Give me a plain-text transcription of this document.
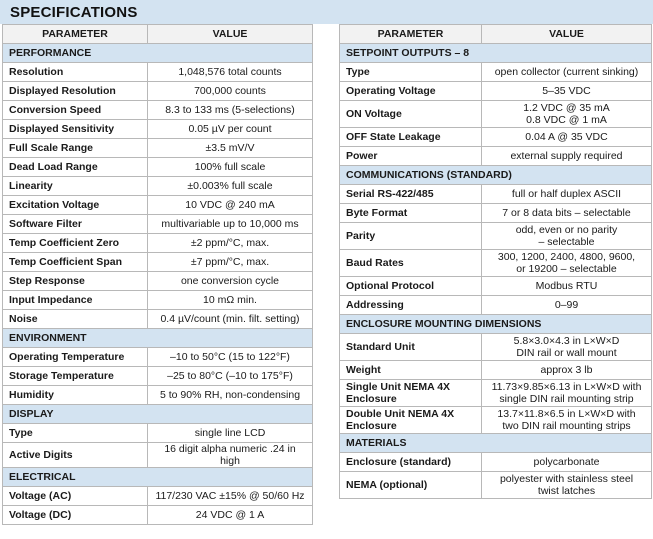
SPECIFICATIONS
PARAMETER	VALUE
PERFORMANCE	
Resolution	1,048,576 total counts
Displayed Resolution	700,000 counts
Conversion Speed	8.3 to 133 ms (5-selections)
Displayed Sensitivity	0.05 µV per count
Full Scale Range	±3.5 mV/V
Dead Load Range	100% full scale
Linearity	±0.003% full scale
Excitation Voltage	10 VDC @ 240 mA
Software Filter	multivariable up to 10,000 ms
Temp Coefficient Zero	±2 ppm/°C, max.
Temp Coefficient Span	±7 ppm/°C, max.
Step Response	one conversion cycle
Input Impedance	10 mΩ min.
Noise	0.4 µV/count (min. filt. setting)
ENVIRONMENT	
Operating Temperature	–10 to 50°C (15 to 122°F)
Storage Temperature	–25 to 80°C (–10 to 175°F)
Humidity	5 to 90% RH, non-condensing
DISPLAY	
Type	single line LCD
Active Digits	16 digit alpha numeric .24 in high
ELECTRICAL	
Voltage (AC)	117/230 VAC ±15% @ 50/60 Hz
Voltage (DC)	24 VDC @ 1 A
PARAMETER	VALUE
SETPOINT OUTPUTS – 8	
Type	open collector (current sinking)
Operating Voltage	5–35 VDC
ON Voltage	1.2 VDC @ 35 mA
0.8 VDC @ 1 mA
OFF State Leakage	0.04 A @ 35 VDC
Power	external supply required
COMMUNICATIONS (STANDARD)	
Serial RS-422/485	full or half duplex ASCII
Byte Format	7 or 8 data bits – selectable
Parity	odd, even or no parity
– selectable
Baud Rates	300, 1200, 2400, 4800, 9600,
or 19200 – selectable
Optional Protocol	Modbus RTU
Addressing	0–99
ENCLOSURE MOUNTING DIMENSIONS	
Standard Unit	5.8×3.0×4.3 in L×W×D
DIN rail or wall mount
Weight	approx 3 lb
Single Unit NEMA 4X
Enclosure	11.73×9.85×6.13 in L×W×D with
single DIN rail mounting strip
Double Unit NEMA 4X
Enclosure	13.7×11.8×6.5 in L×W×D with
two DIN rail mounting strips
MATERIALS	
Enclosure (standard)	polycarbonate
NEMA (optional)	polyester with stainless steel
twist latches
